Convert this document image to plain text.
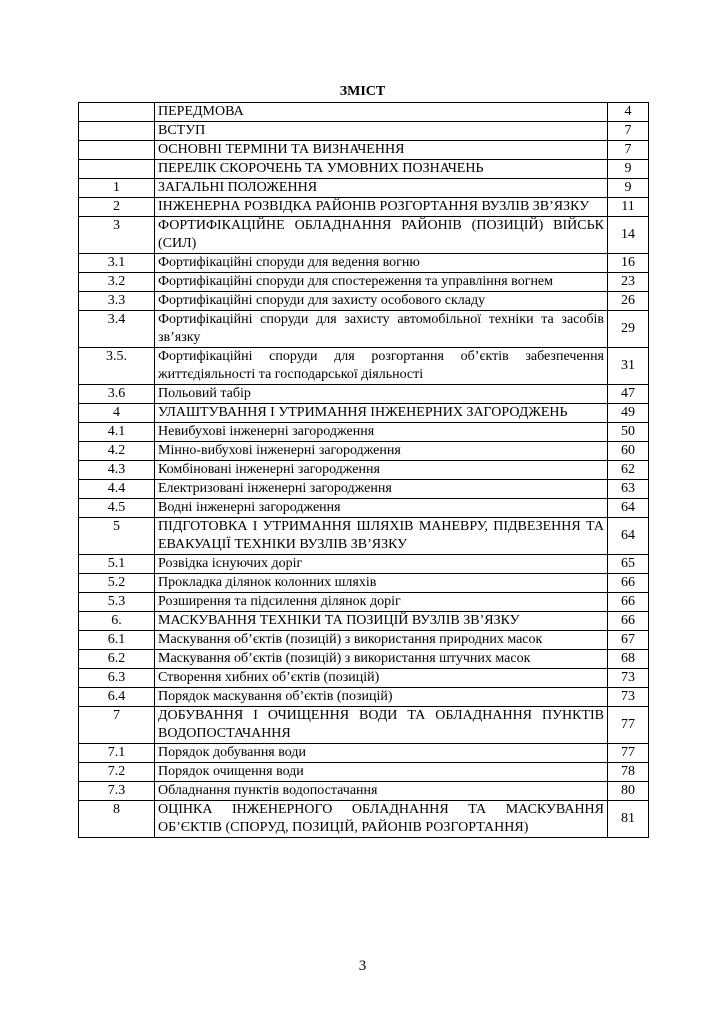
ЗМІСТ
	ПЕРЕДМОВА	4
	ВСТУП	7
	ОСНОВНІ ТЕРМІНИ ТА ВИЗНАЧЕННЯ	7
	ПЕРЕЛІК СКОРОЧЕНЬ ТА УМОВНИХ ПОЗНАЧЕНЬ	9
1	ЗАГАЛЬНІ ПОЛОЖЕННЯ	9
2	ІНЖЕНЕРНА РОЗВІДКА РАЙОНІВ РОЗГОРТАННЯ ВУЗЛІВ ЗВ’ЯЗКУ	11
3	ФОРТИФІКАЦІЙНЕ ОБЛАДНАННЯ РАЙОНІВ (ПОЗИЦІЙ) ВІЙСЬК (СИЛ)	14
3.1	Фортифікаційні споруди для ведення вогню	16
3.2	Фортифікаційні споруди для спостереження та управління вогнем	23
3.3	Фортифікаційні споруди для захисту особового складу	26
3.4	Фортифікаційні споруди для захисту автомобільної техніки та засобів зв’язку	29
3.5.	Фортифікаційні споруди для розгортання об’єктів забезпечення життєдіяльності та господарської діяльності	31
3.6	Польовий табір	47
4	УЛАШТУВАННЯ І УТРИМАННЯ ІНЖЕНЕРНИХ ЗАГОРОДЖЕНЬ	49
4.1	Невибухові інженерні загородження	50
4.2	Мінно-вибухові інженерні загородження	60
4.3	Комбіновані інженерні загородження	62
4.4	Електризовані інженерні загородження	63
4.5	Водні інженерні загородження	64
5	ПІДГОТОВКА І УТРИМАННЯ ШЛЯХІВ МАНЕВРУ, ПІДВЕЗЕННЯ ТА ЕВАКУАЦІЇ ТЕХНІКИ ВУЗЛІВ ЗВ’ЯЗКУ	64
5.1	Розвідка існуючих доріг	65
5.2	Прокладка ділянок колонних шляхів	66
5.3	Розширення та підсилення ділянок доріг	66
6.	МАСКУВАННЯ ТЕХНІКИ ТА ПОЗИЦІЙ ВУЗЛІВ ЗВ’ЯЗКУ	66
6.1	Маскування об’єктів (позицій) з використання природних масок	67
6.2	Маскування об’єктів (позицій) з використання штучних масок	68
6.3	Створення хибних об’єктів (позицій)	73
6.4	Порядок маскування об’єктів (позицій)	73
7	ДОБУВАННЯ І ОЧИЩЕННЯ ВОДИ ТА ОБЛАДНАННЯ ПУНКТІВ ВОДОПОСТАЧАННЯ	77
7.1	Порядок добування води	77
7.2	Порядок очищення води	78
7.3	Обладнання пунктів водопостачання	80
8	ОЦІНКА ІНЖЕНЕРНОГО ОБЛАДНАННЯ ТА МАСКУВАННЯ ОБ’ЄКТІВ (СПОРУД, ПОЗИЦІЙ, РАЙОНІВ РОЗГОРТАННЯ)	81
3
